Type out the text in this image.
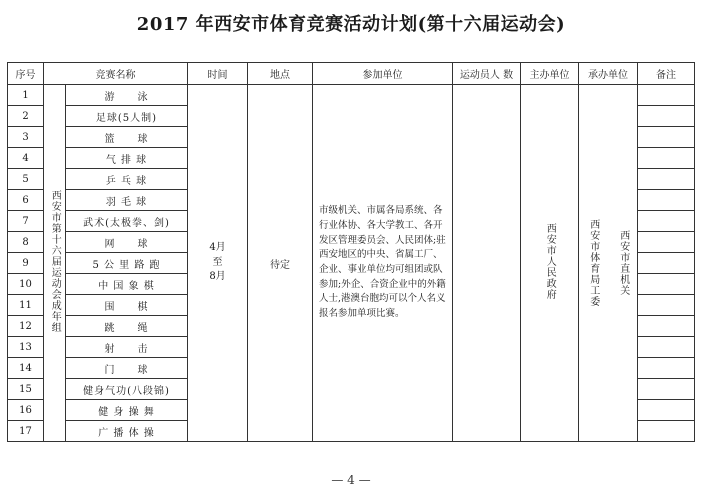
2017 年西安市体育竞赛活动计划(第十六届运动会)
序号	竞赛名称		时间	地点	参加单位	运动员人 数	主办单位	承办单位	备注
1	西安市第十六届运动会成年组	游　　泳	4月
至
8月	待定	市级机关、市属各局系统、各行业体协、各大学教工、各开发区管理委员会、人民团体;驻西安地区的中央、省属工厂、企业、事业单位均可组团或队参加;外企、合资企业中的外籍人士,港澳台胞均可以个人名义报名参加单项比赛。		西安市人民政府	西安市直机关
西安市体育局工委	

2		足球(5人制)							
3		篮　　球							
4		气 排 球							
5		乒 乓 球							
6		羽 毛 球							
7		武术(太极拳、剑)							
8		网　　球							
9		5 公 里 路 跑							
10		中 国 象 棋							
11		围　　棋							
12		跳　　绳							
13		射　　击							
14		门　　球							
15		健身气功(八段锦)							
16		健 身 操 舞							
17		广 播 体 操							
— 4 —
